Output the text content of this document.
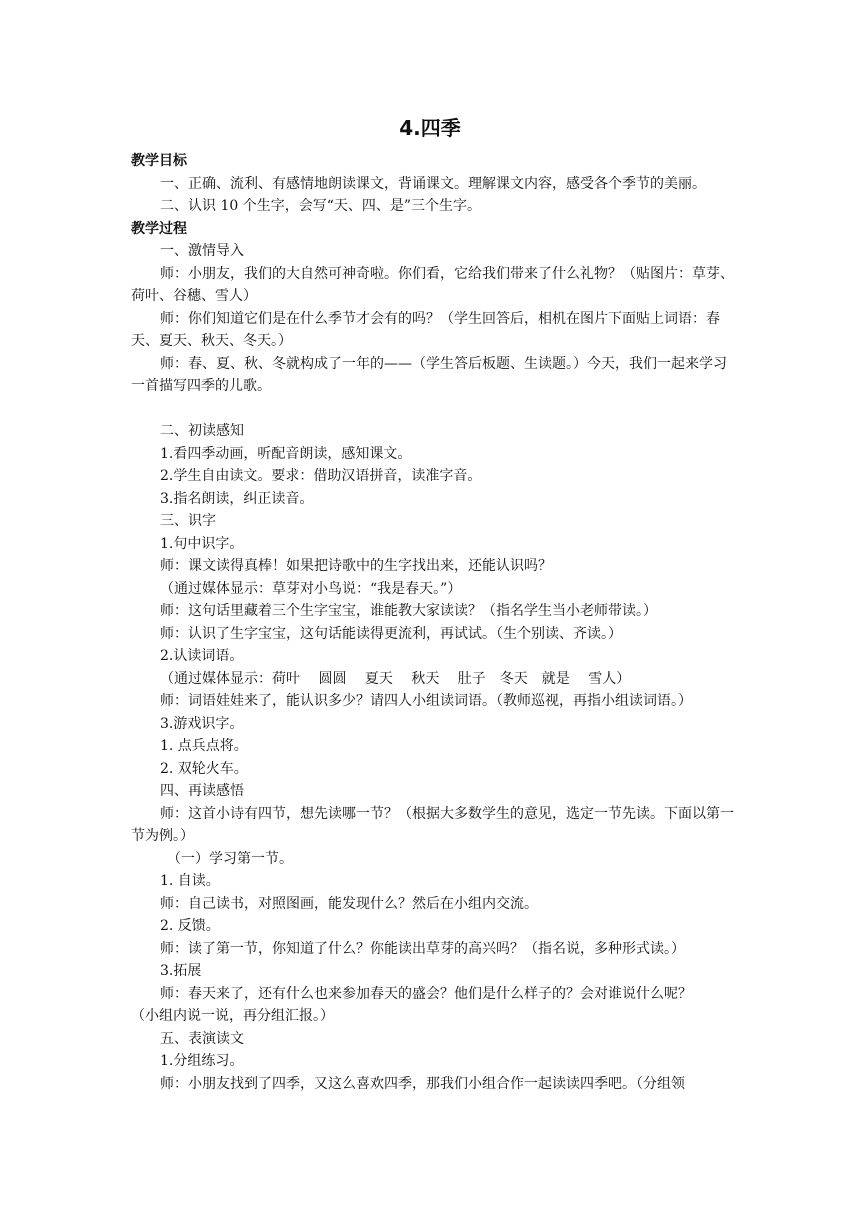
4.四季
教学目标
一、正确、流利、有感情地朗读课文，背诵课文。理解课文内容，感受各个季节的美丽。
二、认识 10 个生字，会写“天、四、是”三个生字。
教学过程
一、激情导入
师：小朋友，我们的大自然可神奇啦。你们看，它给我们带来了什么礼物？（贴图片：草芽、荷叶、谷穗、雪人）
师：你们知道它们是在什么季节才会有的吗？（学生回答后，相机在图片下面贴上词语：春天、夏天、秋天、冬天。）
师：春、夏、秋、冬就构成了一年的——（学生答后板题、生读题。）今天，我们一起来学习一首描写四季的儿歌。
二、初读感知
1.看四季动画，听配音朗读，感知课文。
2.学生自由读文。要求：借助汉语拼音，读准字音。
3.指名朗读，纠正读音。
三、识字
1.句中识字。
师：课文读得真棒！如果把诗歌中的生字找出来，还能认识吗？
（通过媒体显示：草芽对小鸟说：“我是春天。”）
师：这句话里藏着三个生字宝宝，谁能教大家读读？（指名学生当小老师带读。）
师：认识了生字宝宝，这句话能读得更流利，再试试。（生个别读、齐读。）
2.认读词语。
（通过媒体显示：荷叶　 圆圆　 夏天　 秋天　 肚子　冬天　就是　 雪人）
师：词语娃娃来了，能认识多少？请四人小组读词语。（教师巡视，再指小组读词语。）
3.游戏识字。
1. 点兵点将。
2. 双轮火车。
四、再读感悟
师：这首小诗有四节，想先读哪一节？（根据大多数学生的意见，选定一节先读。下面以第一节为例。）
（一）学习第一节。
1. 自读。
师：自己读书，对照图画，能发现什么？然后在小组内交流。
2. 反馈。
师：读了第一节，你知道了什么？你能读出草芽的高兴吗？（指名说，多种形式读。）
3.拓展
师：春天来了，还有什么也来参加春天的盛会？他们是什么样子的？会对谁说什么呢？
（小组内说一说，再分组汇报。）
五、表演读文
1.分组练习。
师：小朋友找到了四季，又这么喜欢四季，那我们小组合作一起读读四季吧。（分组领
